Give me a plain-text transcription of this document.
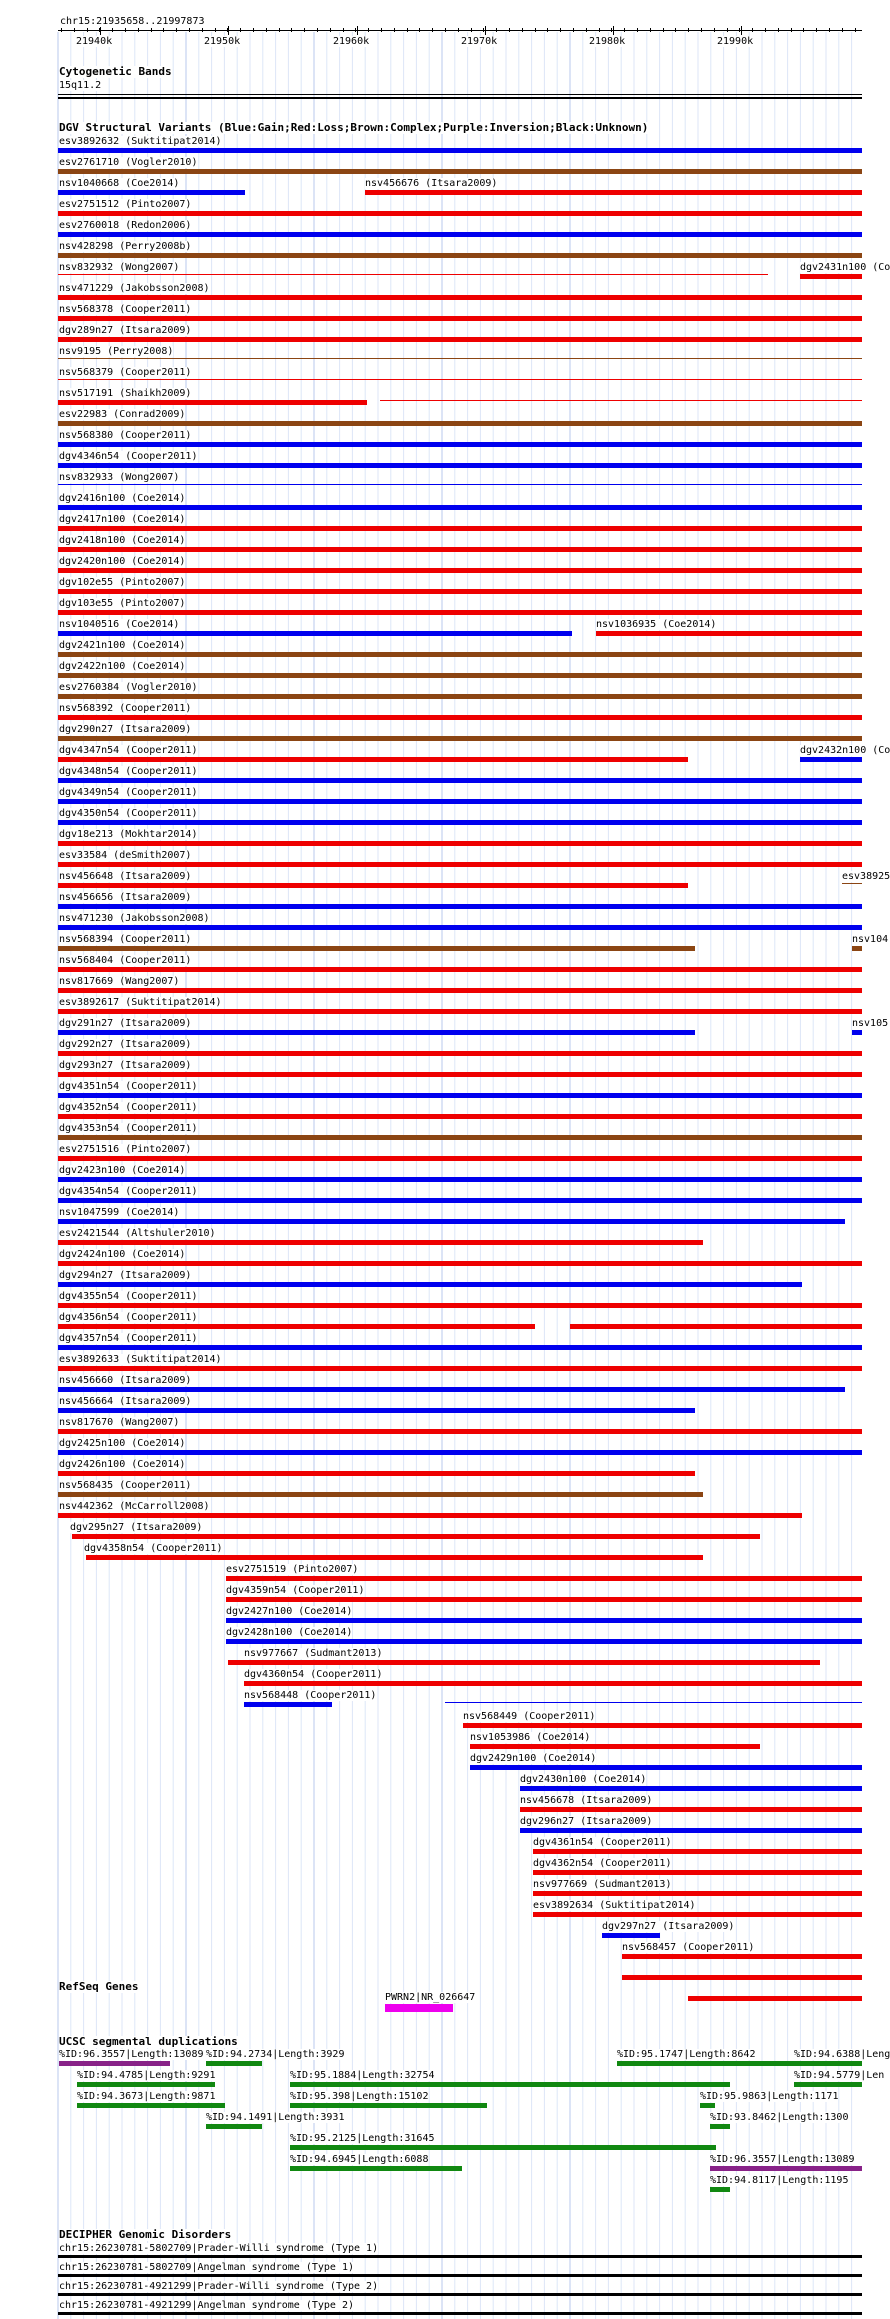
chr15:21935658..21997873
21940k	21950k	21960k	21970k	21980k	21990k
Cytogenetic Bands
15q11.2
DGV Structural Variants (Blue:Gain;Red:Loss;Brown:Complex;Purple:Inversion;Black:Unknown)
esv3892632 (Suktitipat2014)
esv2761710 (Vogler2010)
nsv1040668 (Coe2014)	nsv456676 (Itsara2009)
esv2751512 (Pinto2007)
esv2760018 (Redon2006)
nsv428298 (Perry2008b)
nsv832932 (Wong2007)	dgv2431n100 (Co
nsv471229 (Jakobsson2008)
nsv568378 (Cooper2011)
dgv289n27 (Itsara2009)
nsv9195 (Perry2008)
nsv568379 (Cooper2011)
nsv517191 (Shaikh2009)
esv22983 (Conrad2009)
nsv568380 (Cooper2011)
dgv4346n54 (Cooper2011)
nsv832933 (Wong2007)
dgv2416n100 (Coe2014)
dgv2417n100 (Coe2014)
dgv2418n100 (Coe2014)
dgv2420n100 (Coe2014)
dgv102e55 (Pinto2007)
dgv103e55 (Pinto2007)
nsv1040516 (Coe2014)	nsv1036935 (Coe2014)
dgv2421n100 (Coe2014)
dgv2422n100 (Coe2014)
esv2760384 (Vogler2010)
nsv568392 (Cooper2011)
dgv290n27 (Itsara2009)
dgv4347n54 (Cooper2011)	dgv2432n100 (Co
dgv4348n54 (Cooper2011)
dgv4349n54 (Cooper2011)
dgv4350n54 (Cooper2011)
dgv18e213 (Mokhtar2014)
esv33584 (deSmith2007)
nsv456648 (Itsara2009)	esv38925
nsv456656 (Itsara2009)
nsv471230 (Jakobsson2008)
nsv568394 (Cooper2011)	nsv104
nsv568404 (Cooper2011)
nsv817669 (Wang2007)
esv3892617 (Suktitipat2014)
dgv291n27 (Itsara2009)	nsv105
dgv292n27 (Itsara2009)
dgv293n27 (Itsara2009)
dgv4351n54 (Cooper2011)
dgv4352n54 (Cooper2011)
dgv4353n54 (Cooper2011)
esv2751516 (Pinto2007)
dgv2423n100 (Coe2014)
dgv4354n54 (Cooper2011)
nsv1047599 (Coe2014)
esv2421544 (Altshuler2010)
dgv2424n100 (Coe2014)
dgv294n27 (Itsara2009)
dgv4355n54 (Cooper2011)
dgv4356n54 (Cooper2011)
dgv4357n54 (Cooper2011)
esv3892633 (Suktitipat2014)
nsv456660 (Itsara2009)
nsv456664 (Itsara2009)
nsv817670 (Wang2007)
dgv2425n100 (Coe2014)
dgv2426n100 (Coe2014)
nsv568435 (Cooper2011)
nsv442362 (McCarroll2008)
dgv295n27 (Itsara2009)
dgv4358n54 (Cooper2011)
esv2751519 (Pinto2007)
dgv4359n54 (Cooper2011)
dgv2427n100 (Coe2014)
dgv2428n100 (Coe2014)
nsv977667 (Sudmant2013)
dgv4360n54 (Cooper2011)
nsv568448 (Cooper2011)
nsv568449 (Cooper2011)
nsv1053986 (Coe2014)
dgv2429n100 (Coe2014)
dgv2430n100 (Coe2014)
nsv456678 (Itsara2009)
dgv296n27 (Itsara2009)
dgv4361n54 (Cooper2011)
dgv4362n54 (Cooper2011)
nsv977669 (Sudmant2013)
esv3892634 (Suktitipat2014)
dgv297n27 (Itsara2009)
nsv568457 (Cooper2011)
RefSeq Genes
PWRN2|NR_026647
UCSC segmental duplications
%ID:96.3557|Length:13089 %ID:94.2734|Length:3929	%ID:95.1747|Length:8642	%ID:94.6388|Leng
%ID:94.4785|Length:9291	%ID:95.1884|Length:32754	%ID:94.5779|Len
%ID:94.3673|Length:9871	%ID:95.398|Length:15102	%ID:95.9863|Length:1171
%ID:94.1491|Length:3931	%ID:93.8462|Length:1300
%ID:95.2125|Length:31645
%ID:94.6945|Length:6088	%ID:96.3557|Length:13089
%ID:94.8117|Length:1195
DECIPHER Genomic Disorders
chr15:26230781-5802709|Prader-Willi syndrome (Type 1)
chr15:26230781-5802709|Angelman syndrome (Type 1)
chr15:26230781-4921299|Prader-Willi syndrome (Type 2)
chr15:26230781-4921299|Angelman syndrome (Type 2)
